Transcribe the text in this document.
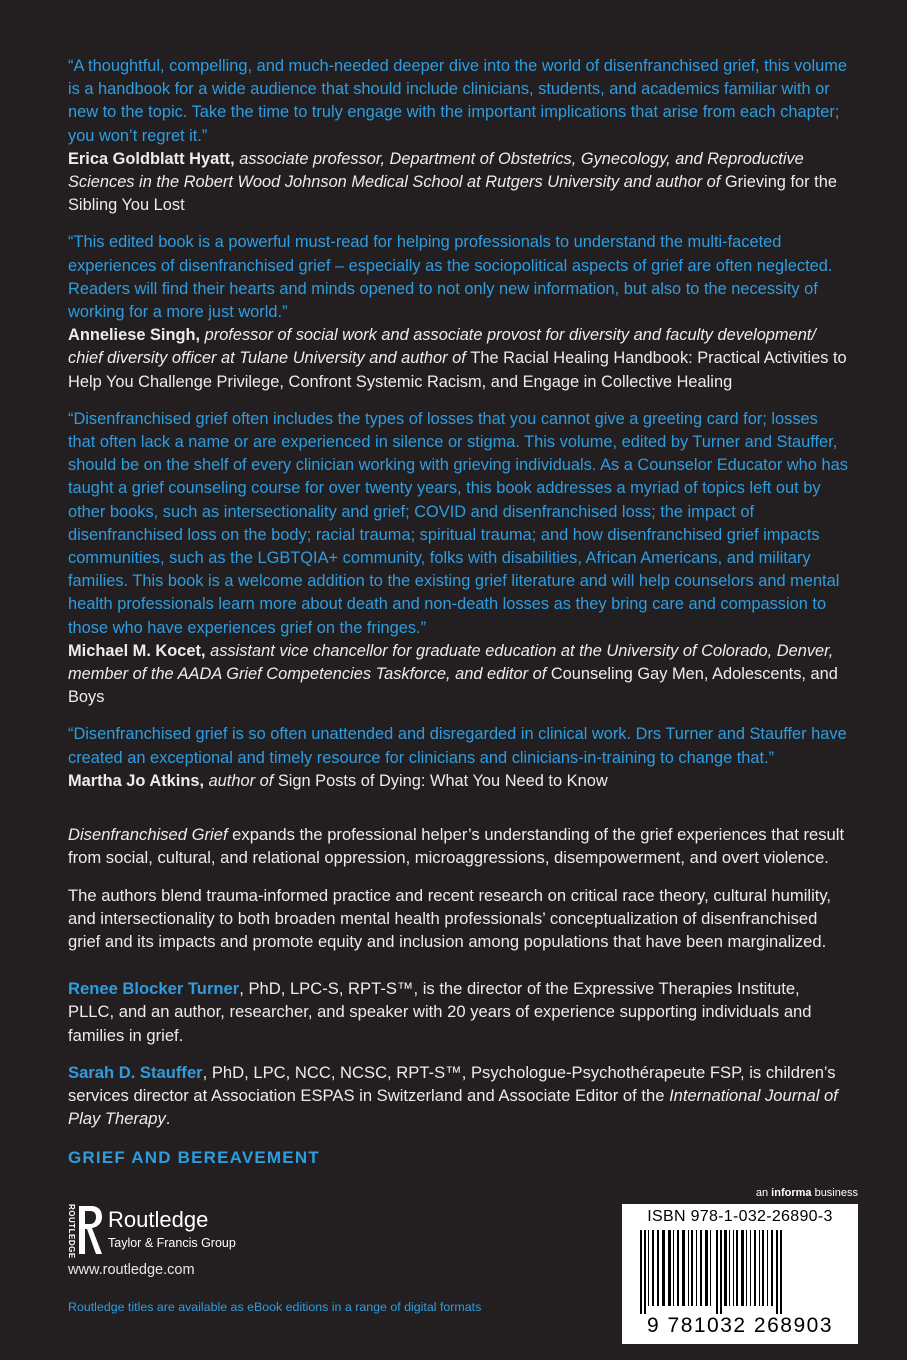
“A thoughtful, compelling, and much-needed deeper dive into the world of disenfranchised grief, this volume is a handbook for a wide audience that should include clinicians, students, and academics familiar with or new to the topic. Take the time to truly engage with the important implications that arise from each chapter; you won’t regret it.”

Erica Goldblatt Hyatt, associate professor, Department of Obstetrics, Gynecology, and Reproductive Sciences in the Robert Wood Johnson Medical School at Rutgers University and author of Grieving for the Sibling You Lost

“This edited book is a powerful must-read for helping professionals to understand the multi-faceted experiences of disenfranchised grief – especially as the sociopolitical aspects of grief are often neglected. Readers will find their hearts and minds opened to not only new information, but also to the necessity of working for a more just world.”

Anneliese Singh, professor of social work and associate provost for diversity and faculty development/ chief diversity officer at Tulane University and author of The Racial Healing Handbook: Practical Activities to Help You Challenge Privilege, Confront Systemic Racism, and Engage in Collective Healing

“Disenfranchised grief often includes the types of losses that you cannot give a greeting card for; losses that often lack a name or are experienced in silence or stigma. This volume, edited by Turner and Stauffer, should be on the shelf of every clinician working with grieving individuals. As a Counselor Educator who has taught a grief counseling course for over twenty years, this book addresses a myriad of topics left out by other books, such as intersectionality and grief; COVID and disenfranchised loss; the impact of disenfranchised loss on the body; racial trauma; spiritual trauma; and how disenfranchised grief impacts communities, such as the LGBTQIA+ community, folks with disabilities, African Americans, and military families. This book is a welcome addition to the existing grief literature and will help counselors and mental health professionals learn more about death and non-death losses as they bring care and compassion to those who have experiences grief on the fringes.”

Michael M. Kocet, assistant vice chancellor for graduate education at the University of Colorado, Denver, member of the AADA Grief Competencies Taskforce, and editor of Counseling Gay Men, Adolescents, and Boys

“Disenfranchised grief is so often unattended and disregarded in clinical work. Drs Turner and Stauffer have created an exceptional and timely resource for clinicians and clinicians-in-training to change that.”

Martha Jo Atkins, author of Sign Posts of Dying: What You Need to Know

Disenfranchised Grief expands the professional helper’s understanding of the grief experiences that result from social, cultural, and relational oppression, microaggressions, disempowerment, and overt violence.

The authors blend trauma-informed practice and recent research on critical race theory, cultural humility, and intersectionality to both broaden mental health professionals’ conceptualization of disenfranchised grief and its impacts and promote equity and inclusion among populations that have been marginalized.

Renee Blocker Turner, PhD, LPC-S, RPT-S™, is the director of the Expressive Therapies Institute, PLLC, and an author, researcher, and speaker with 20 years of experience supporting individuals and families in grief.

Sarah D. Stauffer, PhD, LPC, NCC, NCSC, RPT-S™, Psychologue-Psychothérapeute FSP, is children’s services director at Association ESPAS in Switzerland and Associate Editor of the International Journal of Play Therapy.

GRIEF AND BEREAVEMENT
ROUTLEDGE Routledge
Taylor & Francis Group
www.routledge.com
Routledge titles are available as eBook editions in a range of digital formats
an informa business
ISBN 978-1-032-26890-3
9 781032 268903
